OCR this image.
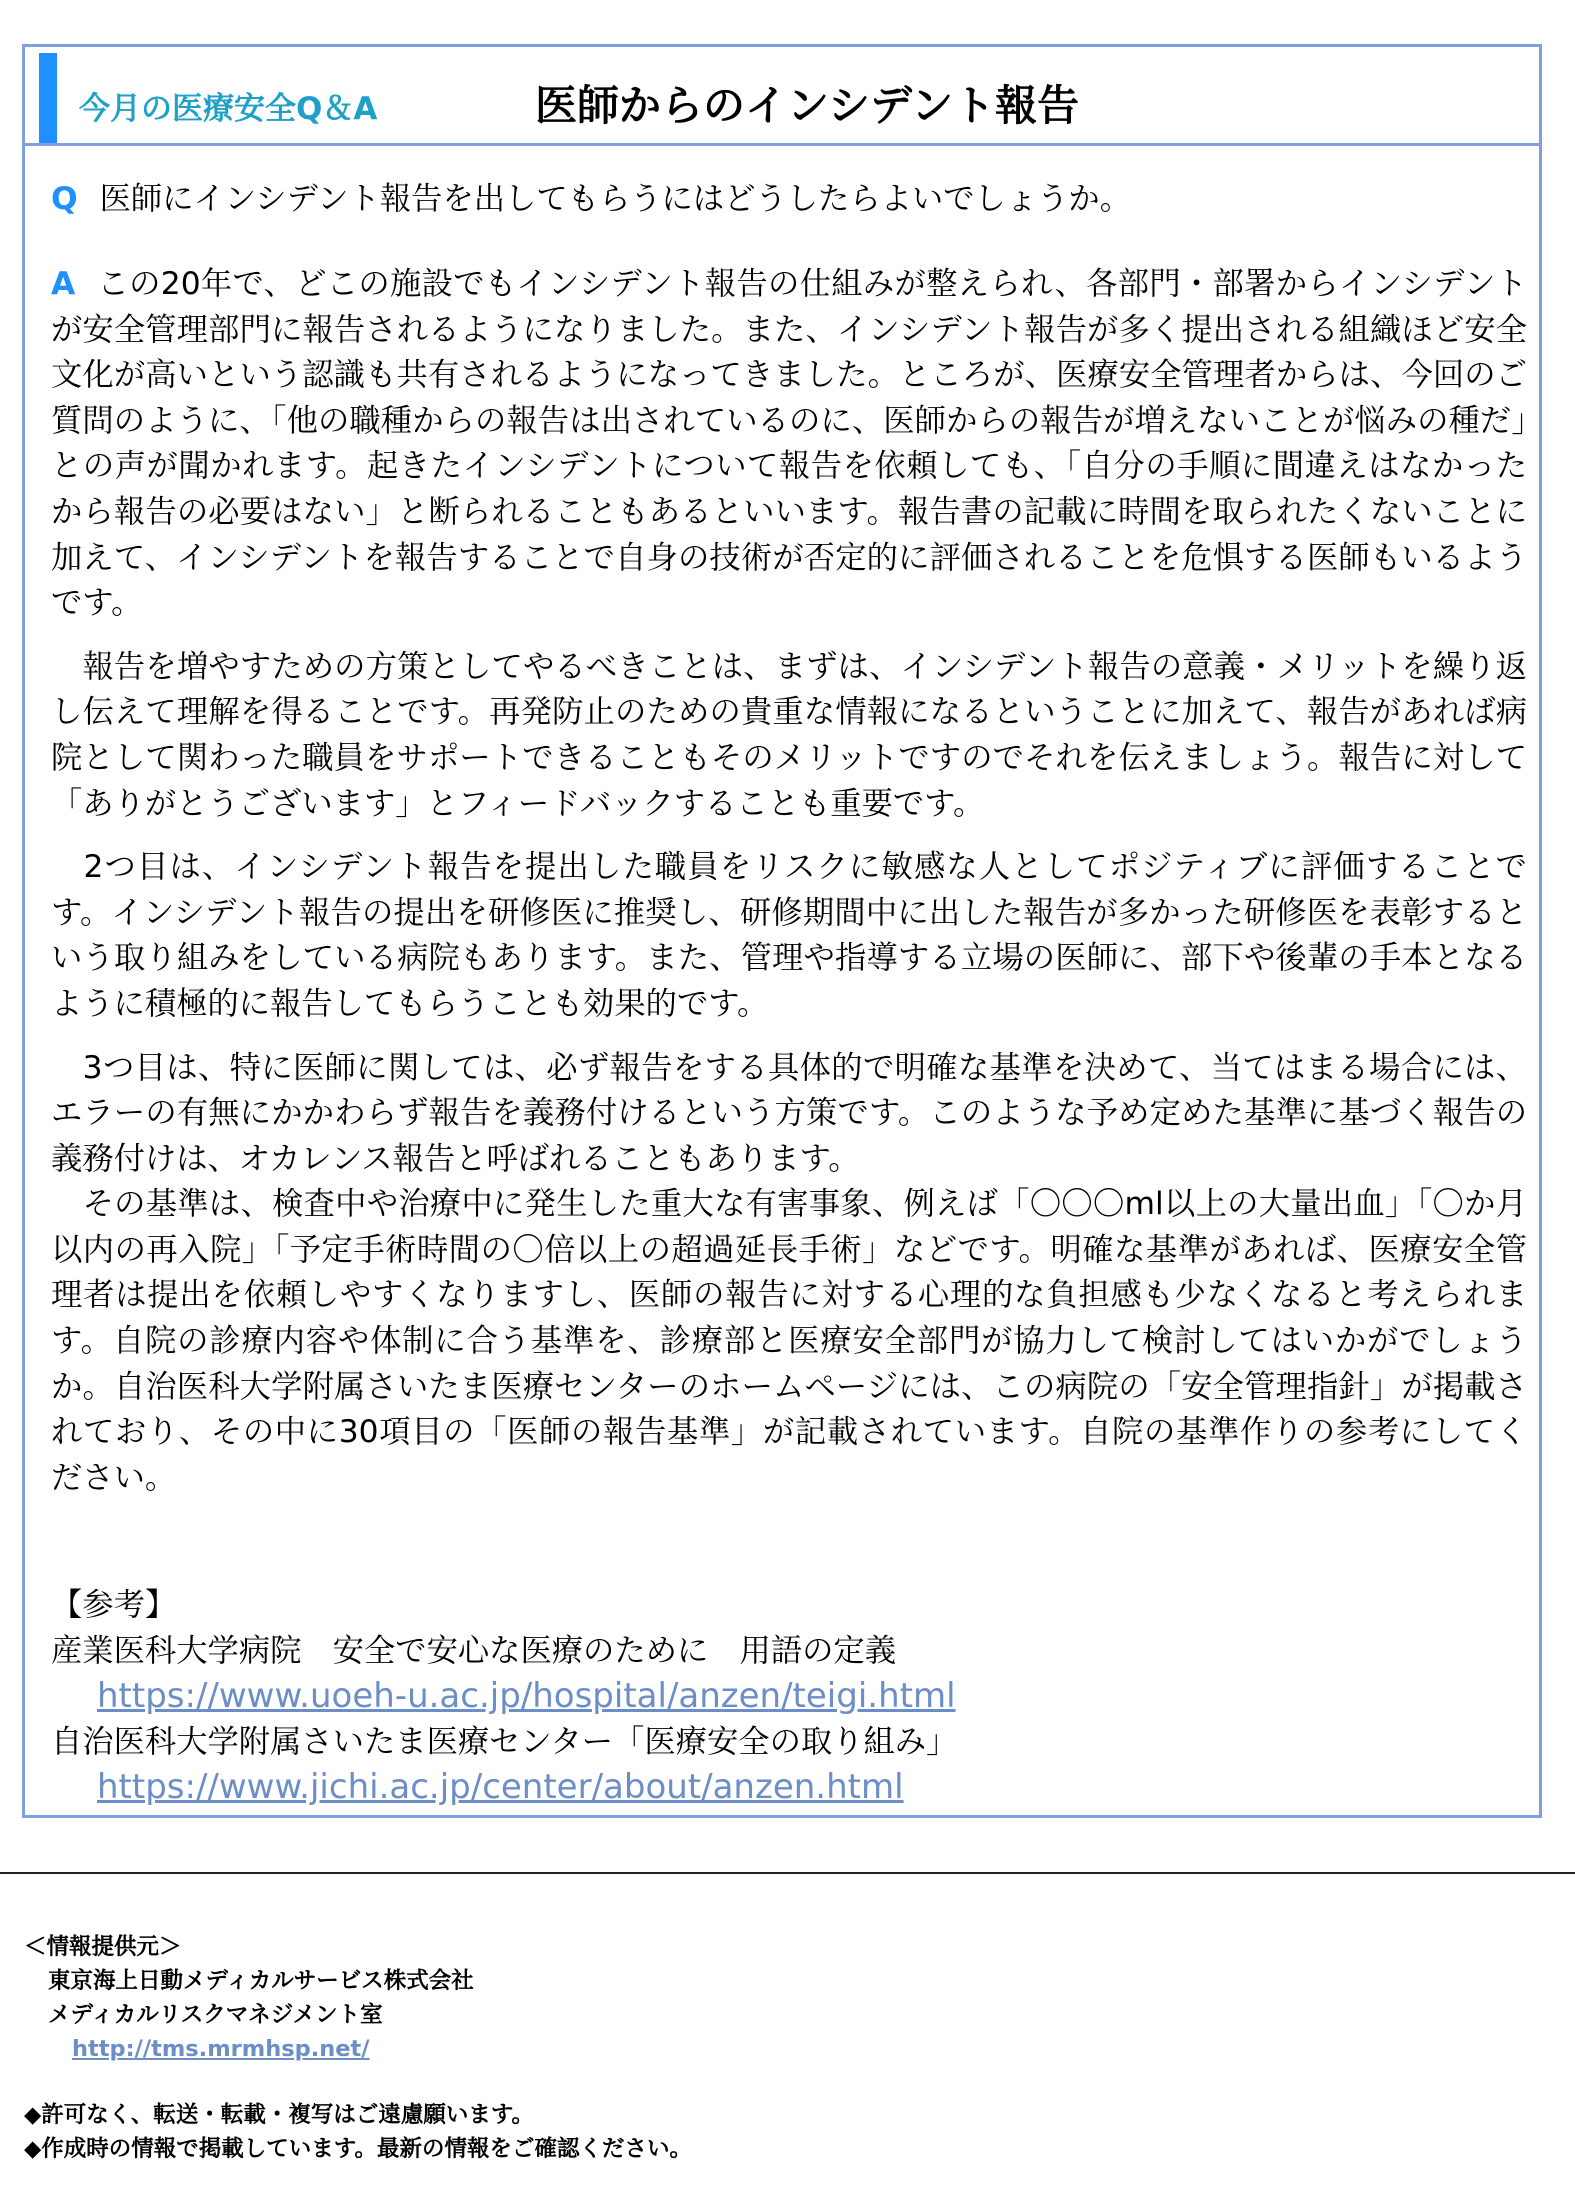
今月の医療安全Q＆A	医師からのインシデント報告

Q 医師にインシデント報告を出してもらうにはどうしたらよいでしょうか。

A この20年で、どこの施設でもインシデント報告の仕組みが整えられ、各部門・部署からインシデントが安全管理部門に報告されるようになりました。また、インシデント報告が多く提出される組織ほど安全文化が高いという認識も共有されるようになってきました。ところが、医療安全管理者からは、今回のご質問のように、「他の職種からの報告は出されているのに、医師からの報告が増えないことが悩みの種だ」との声が聞かれます。起きたインシデントについて報告を依頼しても、「自分の手順に間違えはなかったから報告の必要はない」と断られることもあるといいます。報告書の記載に時間を取られたくないことに加えて、インシデントを報告することで自身の技術が否定的に評価されることを危惧する医師もいるようです。

　報告を増やすための方策としてやるべきことは、まずは、インシデント報告の意義・メリットを繰り返し伝えて理解を得ることです。再発防止のための貴重な情報になるということに加えて、報告があれば病院として関わった職員をサポートできることもそのメリットですのでそれを伝えましょう。報告に対して「ありがとうございます」とフィードバックすることも重要です。

　2つ目は、インシデント報告を提出した職員をリスクに敏感な人としてポジティブに評価することです。インシデント報告の提出を研修医に推奨し、研修期間中に出した報告が多かった研修医を表彰するという取り組みをしている病院もあります。また、管理や指導する立場の医師に、部下や後輩の手本となるように積極的に報告してもらうことも効果的です。

　3つ目は、特に医師に関しては、必ず報告をする具体的で明確な基準を決めて、当てはまる場合には、エラーの有無にかかわらず報告を義務付けるという方策です。このような予め定めた基準に基づく報告の義務付けは、オカレンス報告と呼ばれることもあります。

　その基準は、検査中や治療中に発生した重大な有害事象、例えば「〇〇〇ml以上の大量出血」「〇か月以内の再入院」「予定手術時間の〇倍以上の超過延長手術」などです。明確な基準があれば、医療安全管理者は提出を依頼しやすくなりますし、医師の報告に対する心理的な負担感も少なくなると考えられます。自院の診療内容や体制に合う基準を、診療部と医療安全部門が協力して検討してはいかがでしょうか。自治医科大学附属さいたま医療センターのホームページには、この病院の「安全管理指針」が掲載されており、その中に30項目の「医師の報告基準」が記載されています。自院の基準作りの参考にしてください。

【参考】
産業医科大学病院　安全で安心な医療のために　用語の定義
https://www.uoeh-u.ac.jp/hospital/anzen/teigi.html
自治医科大学附属さいたま医療センター「医療安全の取り組み」
https://www.jichi.ac.jp/center/about/anzen.html
＜情報提供元＞
東京海上日動メディカルサービス株式会社
メディカルリスクマネジメント室
http://tms.mrmhsp.net/
◆許可なく、転送・転載・複写はご遠慮願います。
◆作成時の情報で掲載しています。最新の情報をご確認ください。
